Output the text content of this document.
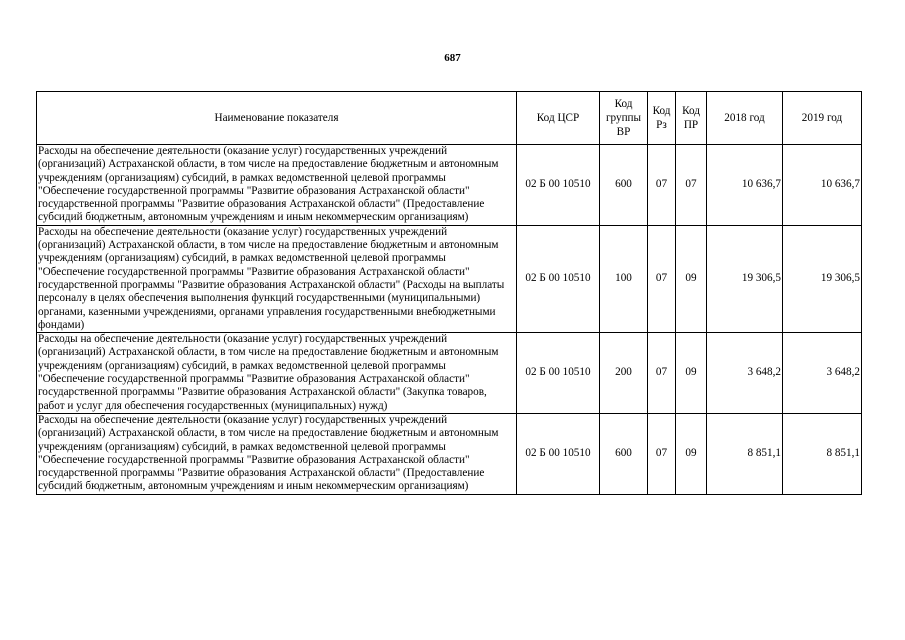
687
Наименование показателя	Код ЦСР	Код группы ВР	Код Рз	Код ПР	2018 год	2019 год
Расходы на обеспечение деятельности (оказание услуг) государственных учреждений (организаций) Астраханской области, в том числе на предоставление бюджетным и автономным учреждениям (организациям) субсидий, в рамках ведомственной целевой программы "Обеспечение государственной программы "Развитие образования Астраханской области" государственной программы "Развитие образования Астраханской области" (Предоставление субсидий бюджетным, автономным учреждениям и иным некоммерческим организациям)	02 Б 00 10510	600	07	07	10 636,7	10 636,7
Расходы на обеспечение деятельности (оказание услуг) государственных учреждений (организаций) Астраханской области, в том числе на предоставление бюджетным и автономным учреждениям (организациям) субсидий, в рамках ведомственной целевой программы "Обеспечение государственной программы "Развитие образования Астраханской области" государственной программы "Развитие образования Астраханской области" (Расходы на выплаты персоналу в целях обеспечения выполнения функций государственными (муниципальными) органами, казенными учреждениями, органами управления государственными внебюджетными фондами)	02 Б 00 10510	100	07	09	19 306,5	19 306,5
Расходы на обеспечение деятельности (оказание услуг) государственных учреждений (организаций) Астраханской области, в том числе на предоставление бюджетным и автономным учреждениям (организациям) субсидий, в рамках ведомственной целевой программы "Обеспечение государственной программы "Развитие образования Астраханской области" государственной программы "Развитие образования Астраханской области" (Закупка товаров, работ и услуг для обеспечения государственных (муниципальных) нужд)	02 Б 00 10510	200	07	09	3 648,2	3 648,2
Расходы на обеспечение деятельности (оказание услуг) государственных учреждений (организаций) Астраханской области, в том числе на предоставление бюджетным и автономным учреждениям (организациям) субсидий, в рамках ведомственной целевой программы "Обеспечение государственной программы "Развитие образования Астраханской области" государственной программы "Развитие образования Астраханской области" (Предоставление субсидий бюджетным, автономным учреждениям и иным некоммерческим организациям)	02 Б 00 10510	600	07	09	8 851,1	8 851,1
